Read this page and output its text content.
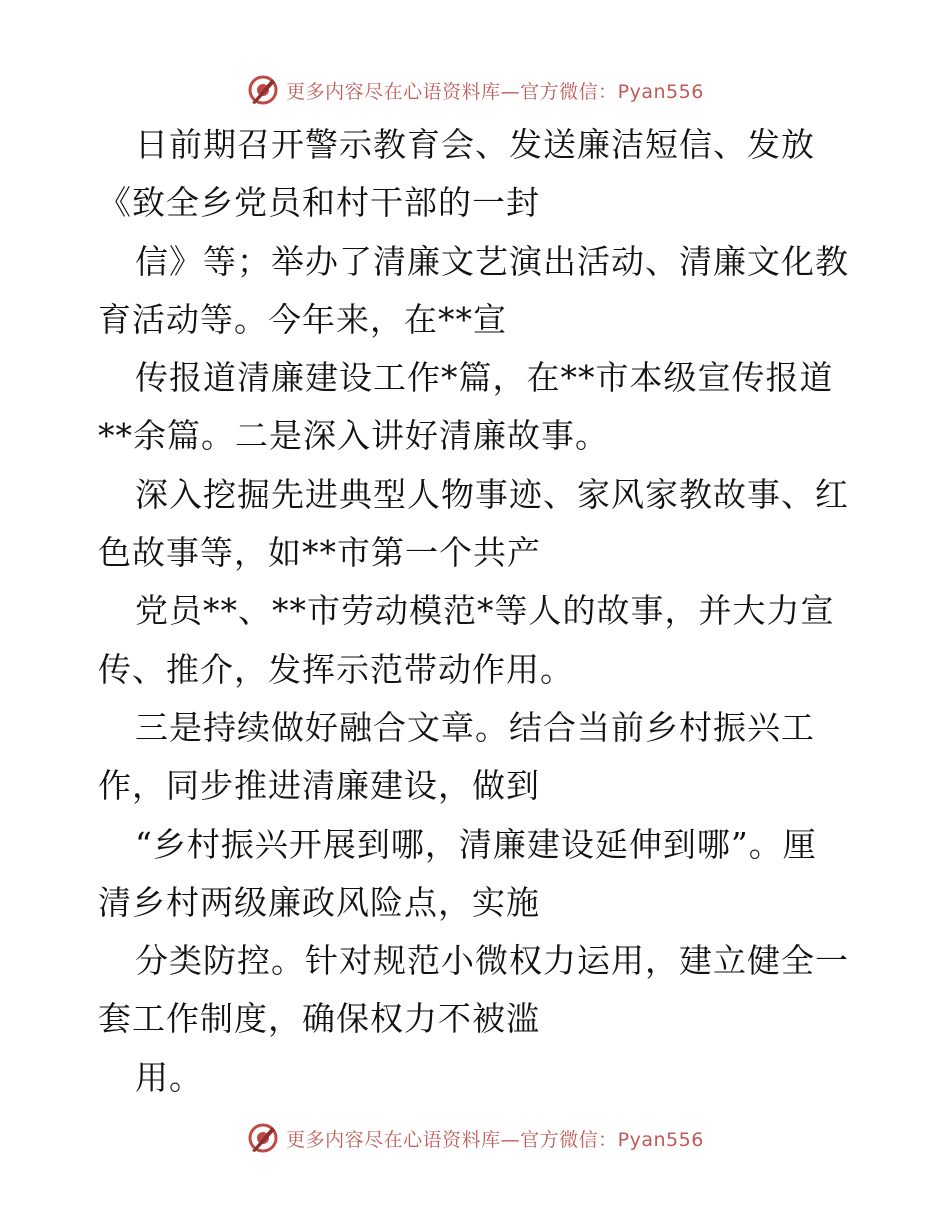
更多内容尽在心语资料库—官方微信：Pyan556
日前期召开警示教育会、发送廉洁短信、发放
《致全乡党员和村干部的一封
信》等；举办了清廉文艺演出活动、清廉文化教
育活动等。今年来，在**宣
传报道清廉建设工作*篇，在**市本级宣传报道
**余篇。二是深入讲好清廉故事。
深入挖掘先进典型人物事迹、家风家教故事、红
色故事等，如**市第一个共产
党员**、**市劳动模范*等人的故事，并大力宣
传、推介，发挥示范带动作用。
三是持续做好融合文章。结合当前乡村振兴工
作，同步推进清廉建设，做到
“乡村振兴开展到哪，清廉建设延伸到哪”。厘
清乡村两级廉政风险点，实施
分类防控。针对规范小微权力运用，建立健全一
套工作制度，确保权力不被滥
用。
更多内容尽在心语资料库—官方微信：Pyan556
